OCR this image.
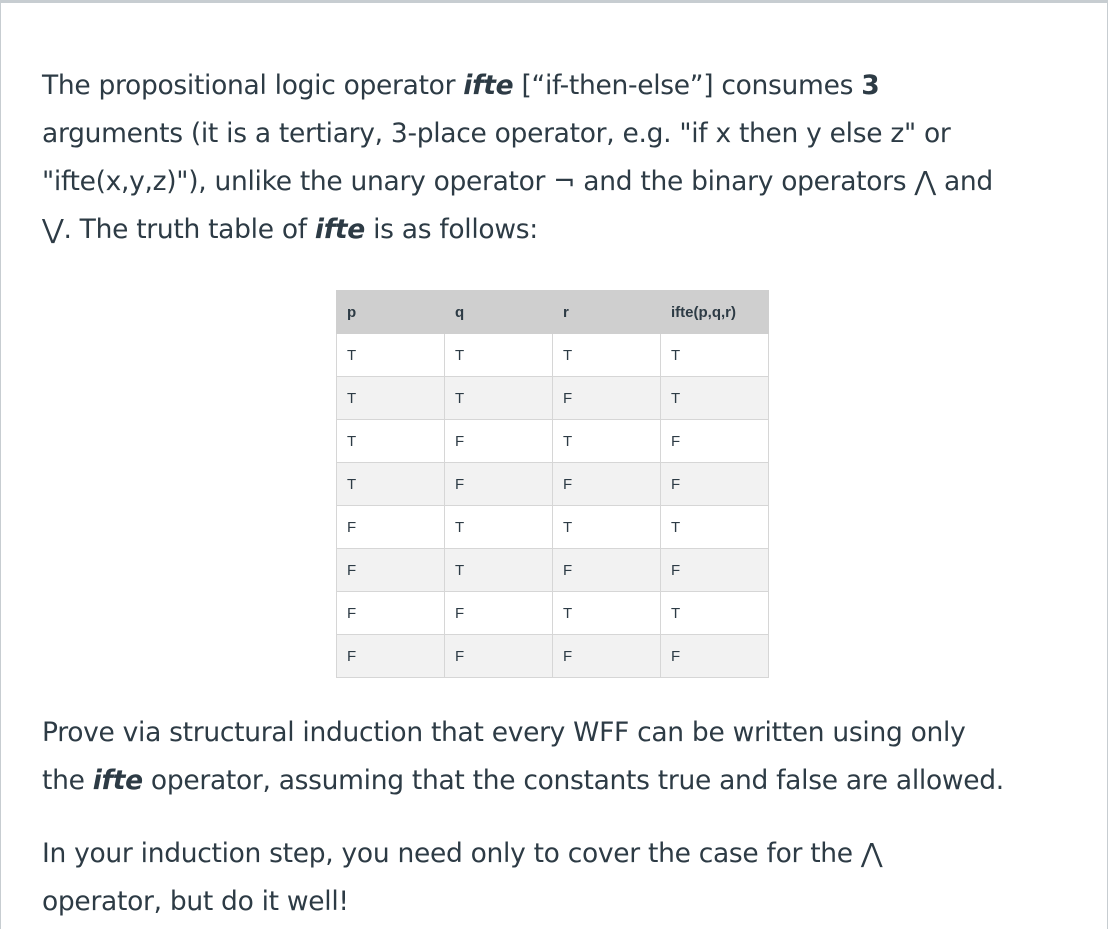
The propositional logic operator ifte [“if-then-else”] consumes 3
arguments (it is a tertiary, 3-place operator, e.g. "if x then y else z" or
"ifte(x,y,z)"), unlike the unary operator ¬ and the binary operators ⋀ and
⋁. The truth table of ifte is as follows:

p	q	r	ifte(p,q,r)
T	T	T	T
T	T	F	T
T	F	T	F
T	F	F	F
F	T	T	T
F	T	F	F
F	F	T	T
F	F	F	F

Prove via structural induction that every WFF can be written using only
the ifte operator, assuming that the constants true and false are allowed.

In your induction step, you need only to cover the case for the ⋀
operator, but do it well!
